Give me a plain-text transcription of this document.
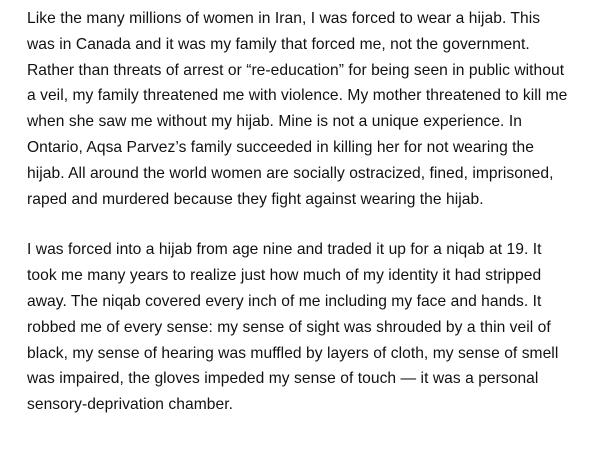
Like the many millions of women in Iran, I was forced to wear a hijab. This
was in Canada and it was my family that forced me, not the government.
Rather than threats of arrest or “re-education” for being seen in public without
a veil, my family threatened me with violence. My mother threatened to kill me
when she saw me without my hijab. Mine is not a unique experience. In
Ontario, Aqsa Parvez’s family succeeded in killing her for not wearing the
hijab. All around the world women are socially ostracized, fined, imprisoned,
raped and murdered because they fight against wearing the hijab.

I was forced into a hijab from age nine and traded it up for a niqab at 19. It
took me many years to realize just how much of my identity it had stripped
away. The niqab covered every inch of me including my face and hands. It
robbed me of every sense: my sense of sight was shrouded by a thin veil of
black, my sense of hearing was muffled by layers of cloth, my sense of smell
was impaired, the gloves impeded my sense of touch — it was a personal
sensory-deprivation chamber.
